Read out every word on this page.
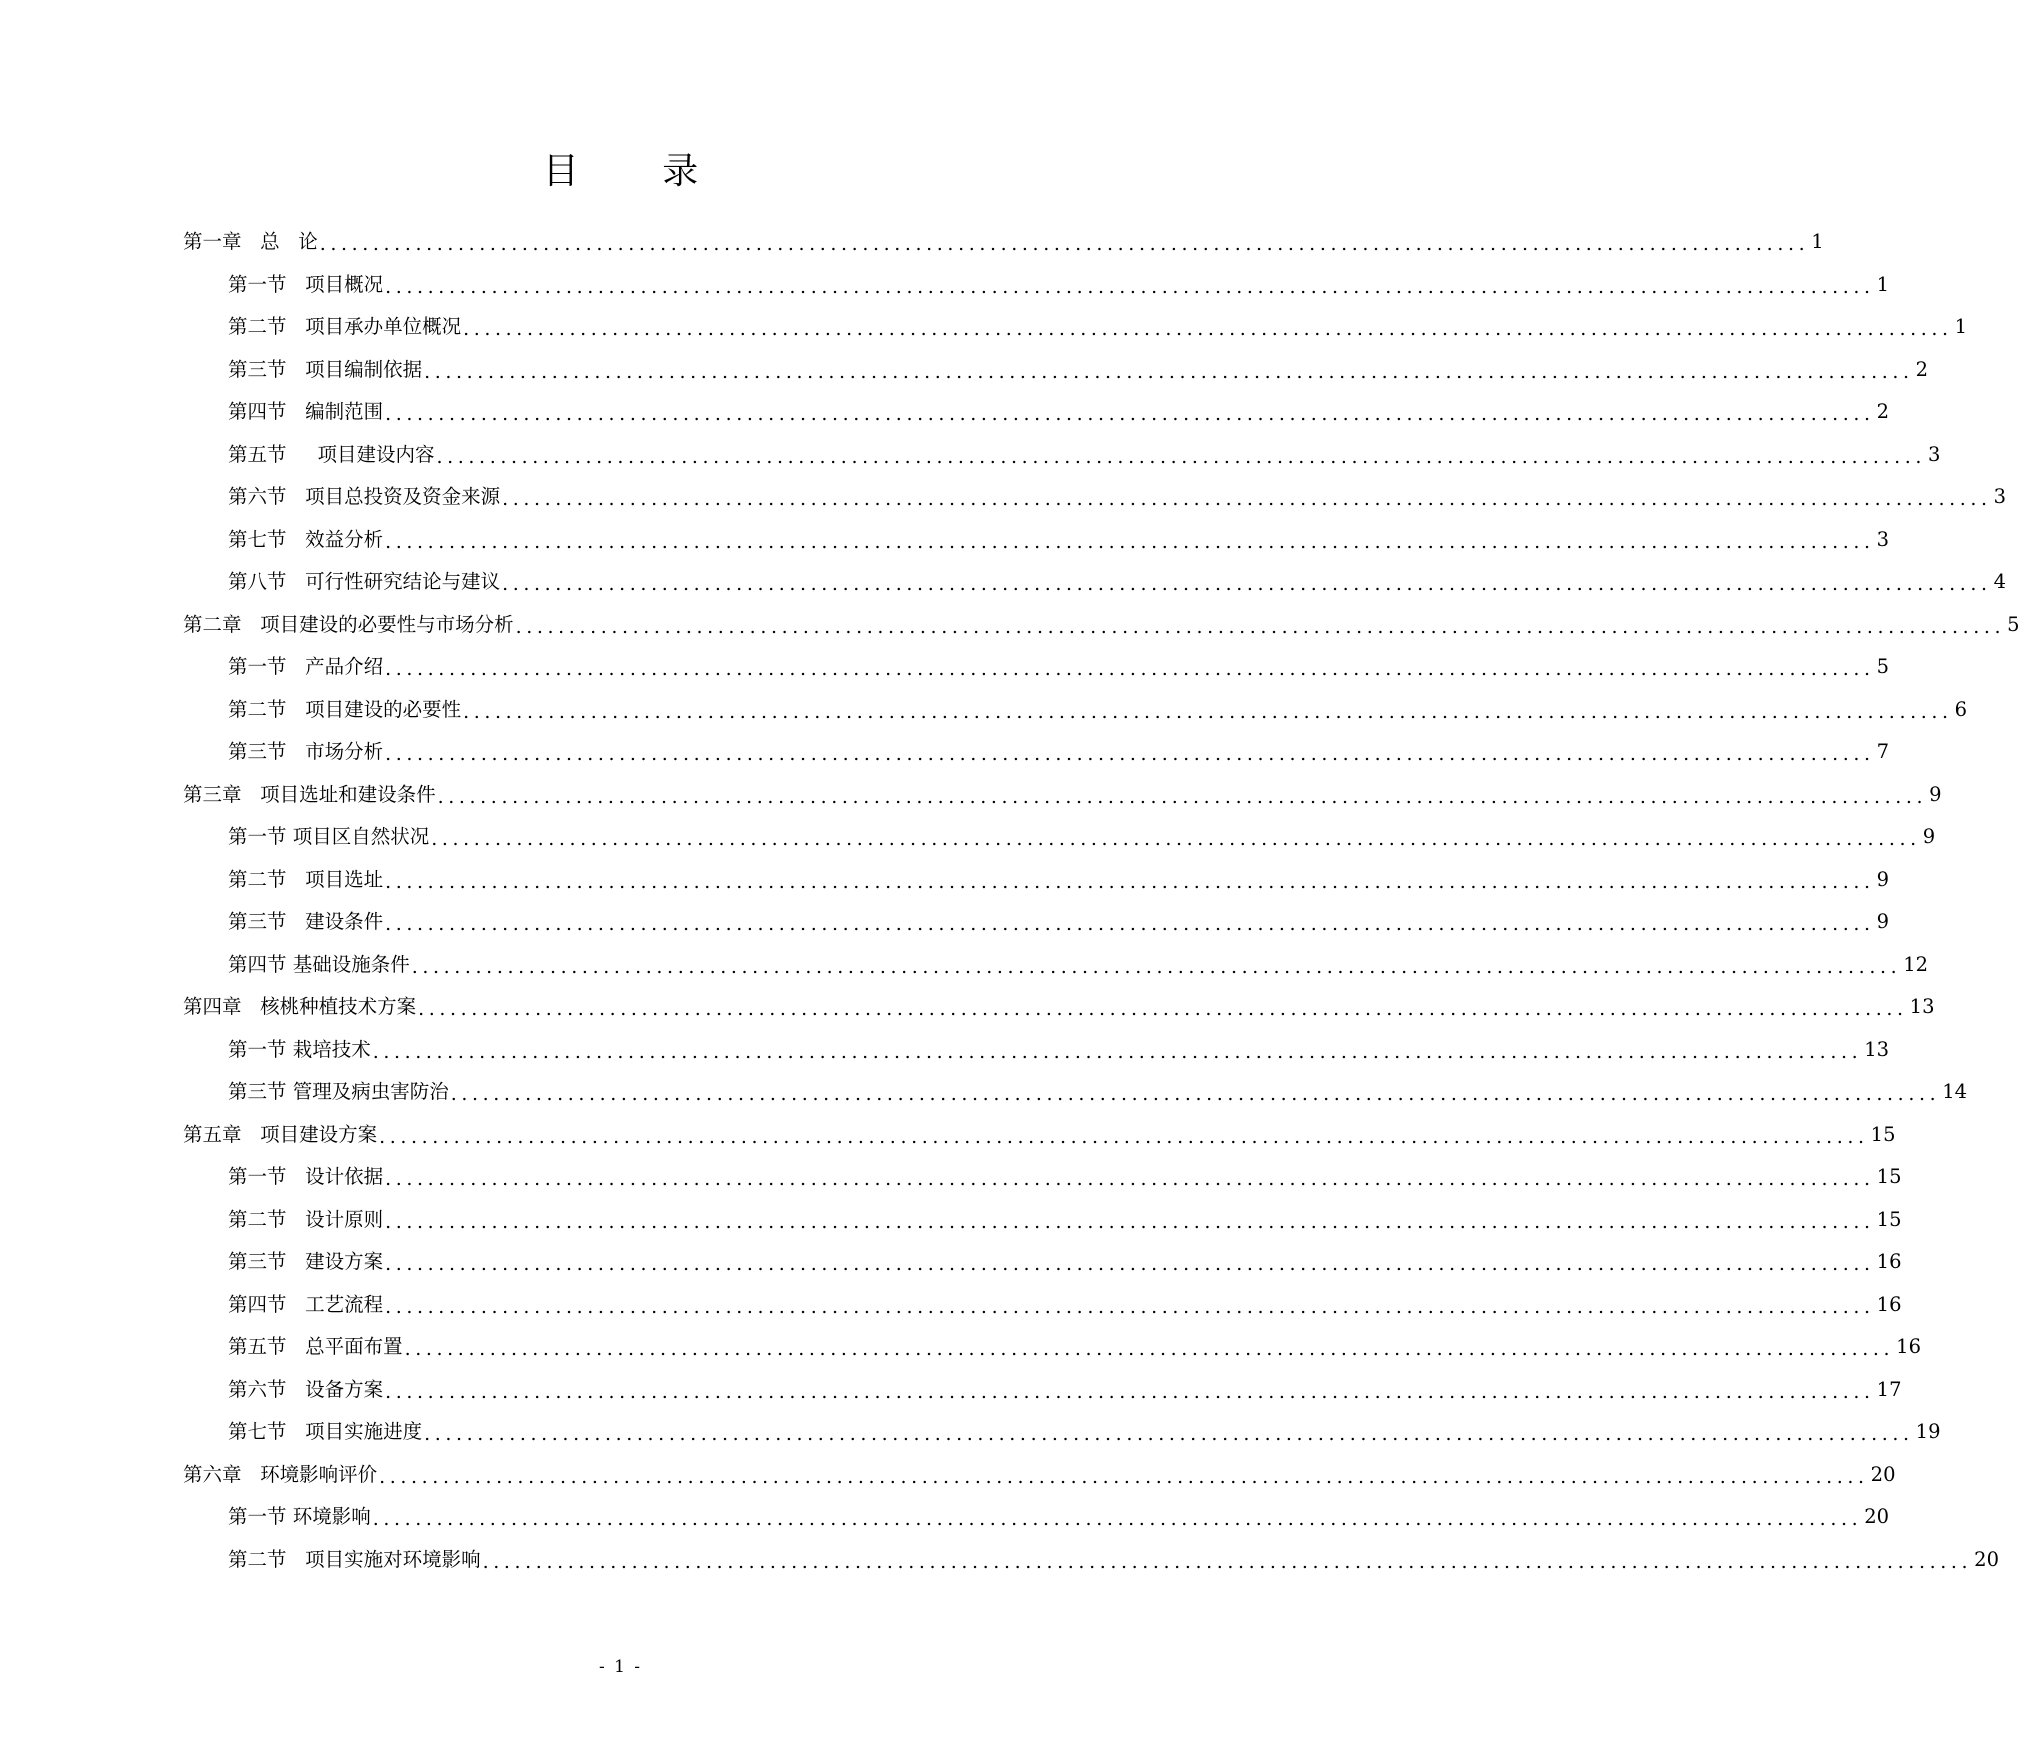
目 录
第一章   总   论 ............................................................................................................................................ 1
第一节   项目概况 ............................................................................................................................................ 1
第二节   项目承办单位概况 ............................................................................................................................................ 1
第三节   项目编制依据 ............................................................................................................................................ 2
第四节   编制范围 ............................................................................................................................................ 2
第五节     项目建设内容 ............................................................................................................................................ 3
第六节   项目总投资及资金来源 ............................................................................................................................................ 3
第七节   效益分析 ............................................................................................................................................ 3
第八节   可行性研究结论与建议 ............................................................................................................................................ 4
第二章   项目建设的必要性与市场分析 ............................................................................................................................................ 5
第一节   产品介绍 ............................................................................................................................................ 5
第二节   项目建设的必要性 ............................................................................................................................................ 6
第三节   市场分析 ............................................................................................................................................ 7
第三章   项目选址和建设条件 ............................................................................................................................................ 9
第一节 项目区自然状况 ............................................................................................................................................ 9
第二节   项目选址 ............................................................................................................................................ 9
第三节   建设条件 ............................................................................................................................................ 9
第四节 基础设施条件 ............................................................................................................................................ 12
第四章   核桃种植技术方案 ............................................................................................................................................ 13
第一节 栽培技术 ............................................................................................................................................ 13
第三节 管理及病虫害防治 ............................................................................................................................................ 14
第五章   项目建设方案 ............................................................................................................................................ 15
第一节   设计依据 ............................................................................................................................................ 15
第二节   设计原则 ............................................................................................................................................ 15
第三节   建设方案 ............................................................................................................................................ 16
第四节   工艺流程 ............................................................................................................................................ 16
第五节   总平面布置 ............................................................................................................................................ 16
第六节   设备方案 ............................................................................................................................................ 17
第七节   项目实施进度 ............................................................................................................................................ 19
第六章   环境影响评价 ............................................................................................................................................ 20
第一节 环境影响 ............................................................................................................................................ 20
第二节   项目实施对环境影响 ............................................................................................................................................ 20
- 1 -
